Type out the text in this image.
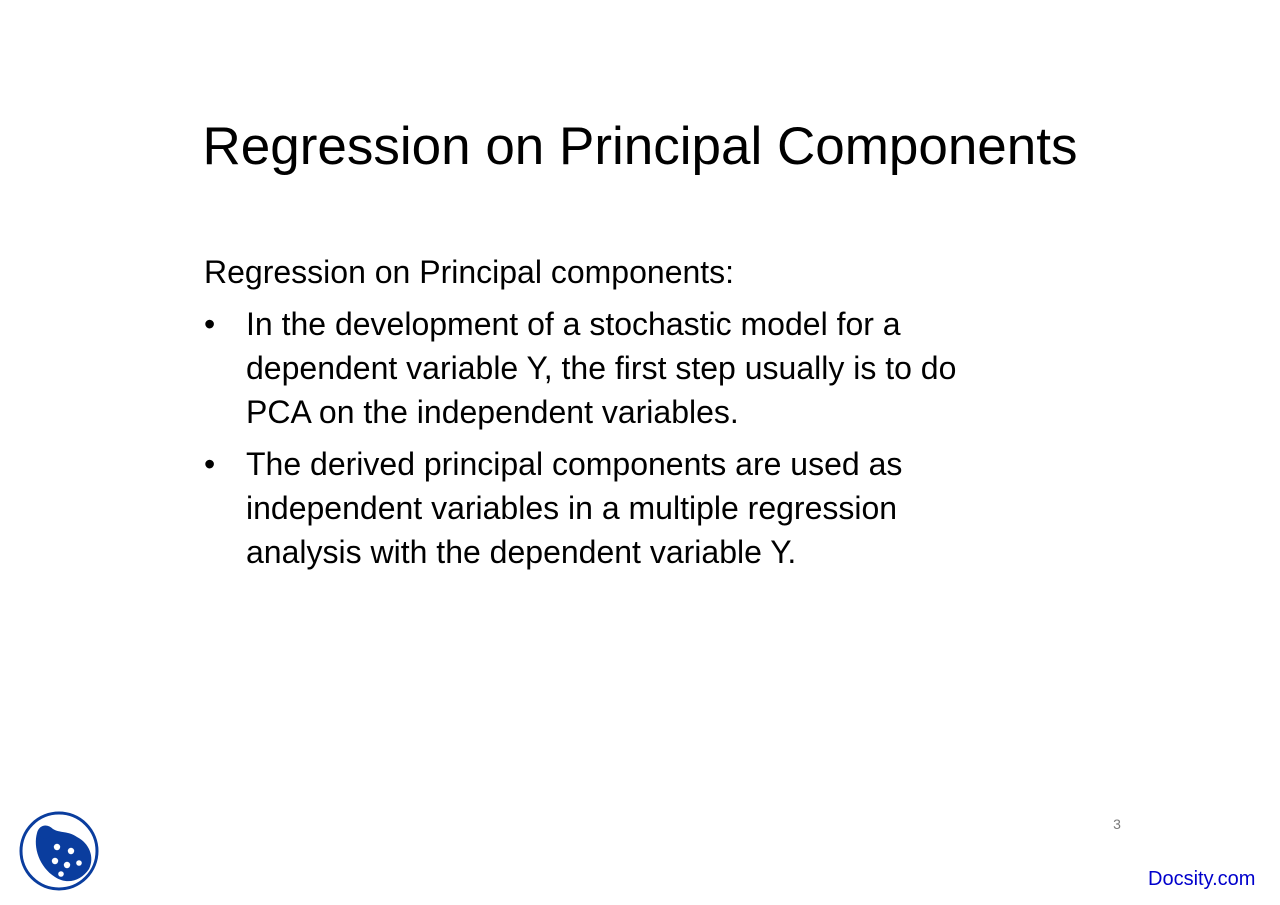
Regression on Principal Components

Regression on Principal components:

• In the development of a stochastic model for a
dependent variable Y, the first step usually is to do
PCA on the independent variables.
• The derived principal components are used as
independent variables in a multiple regression
analysis with the dependent variable Y.
3
Docsity.com
